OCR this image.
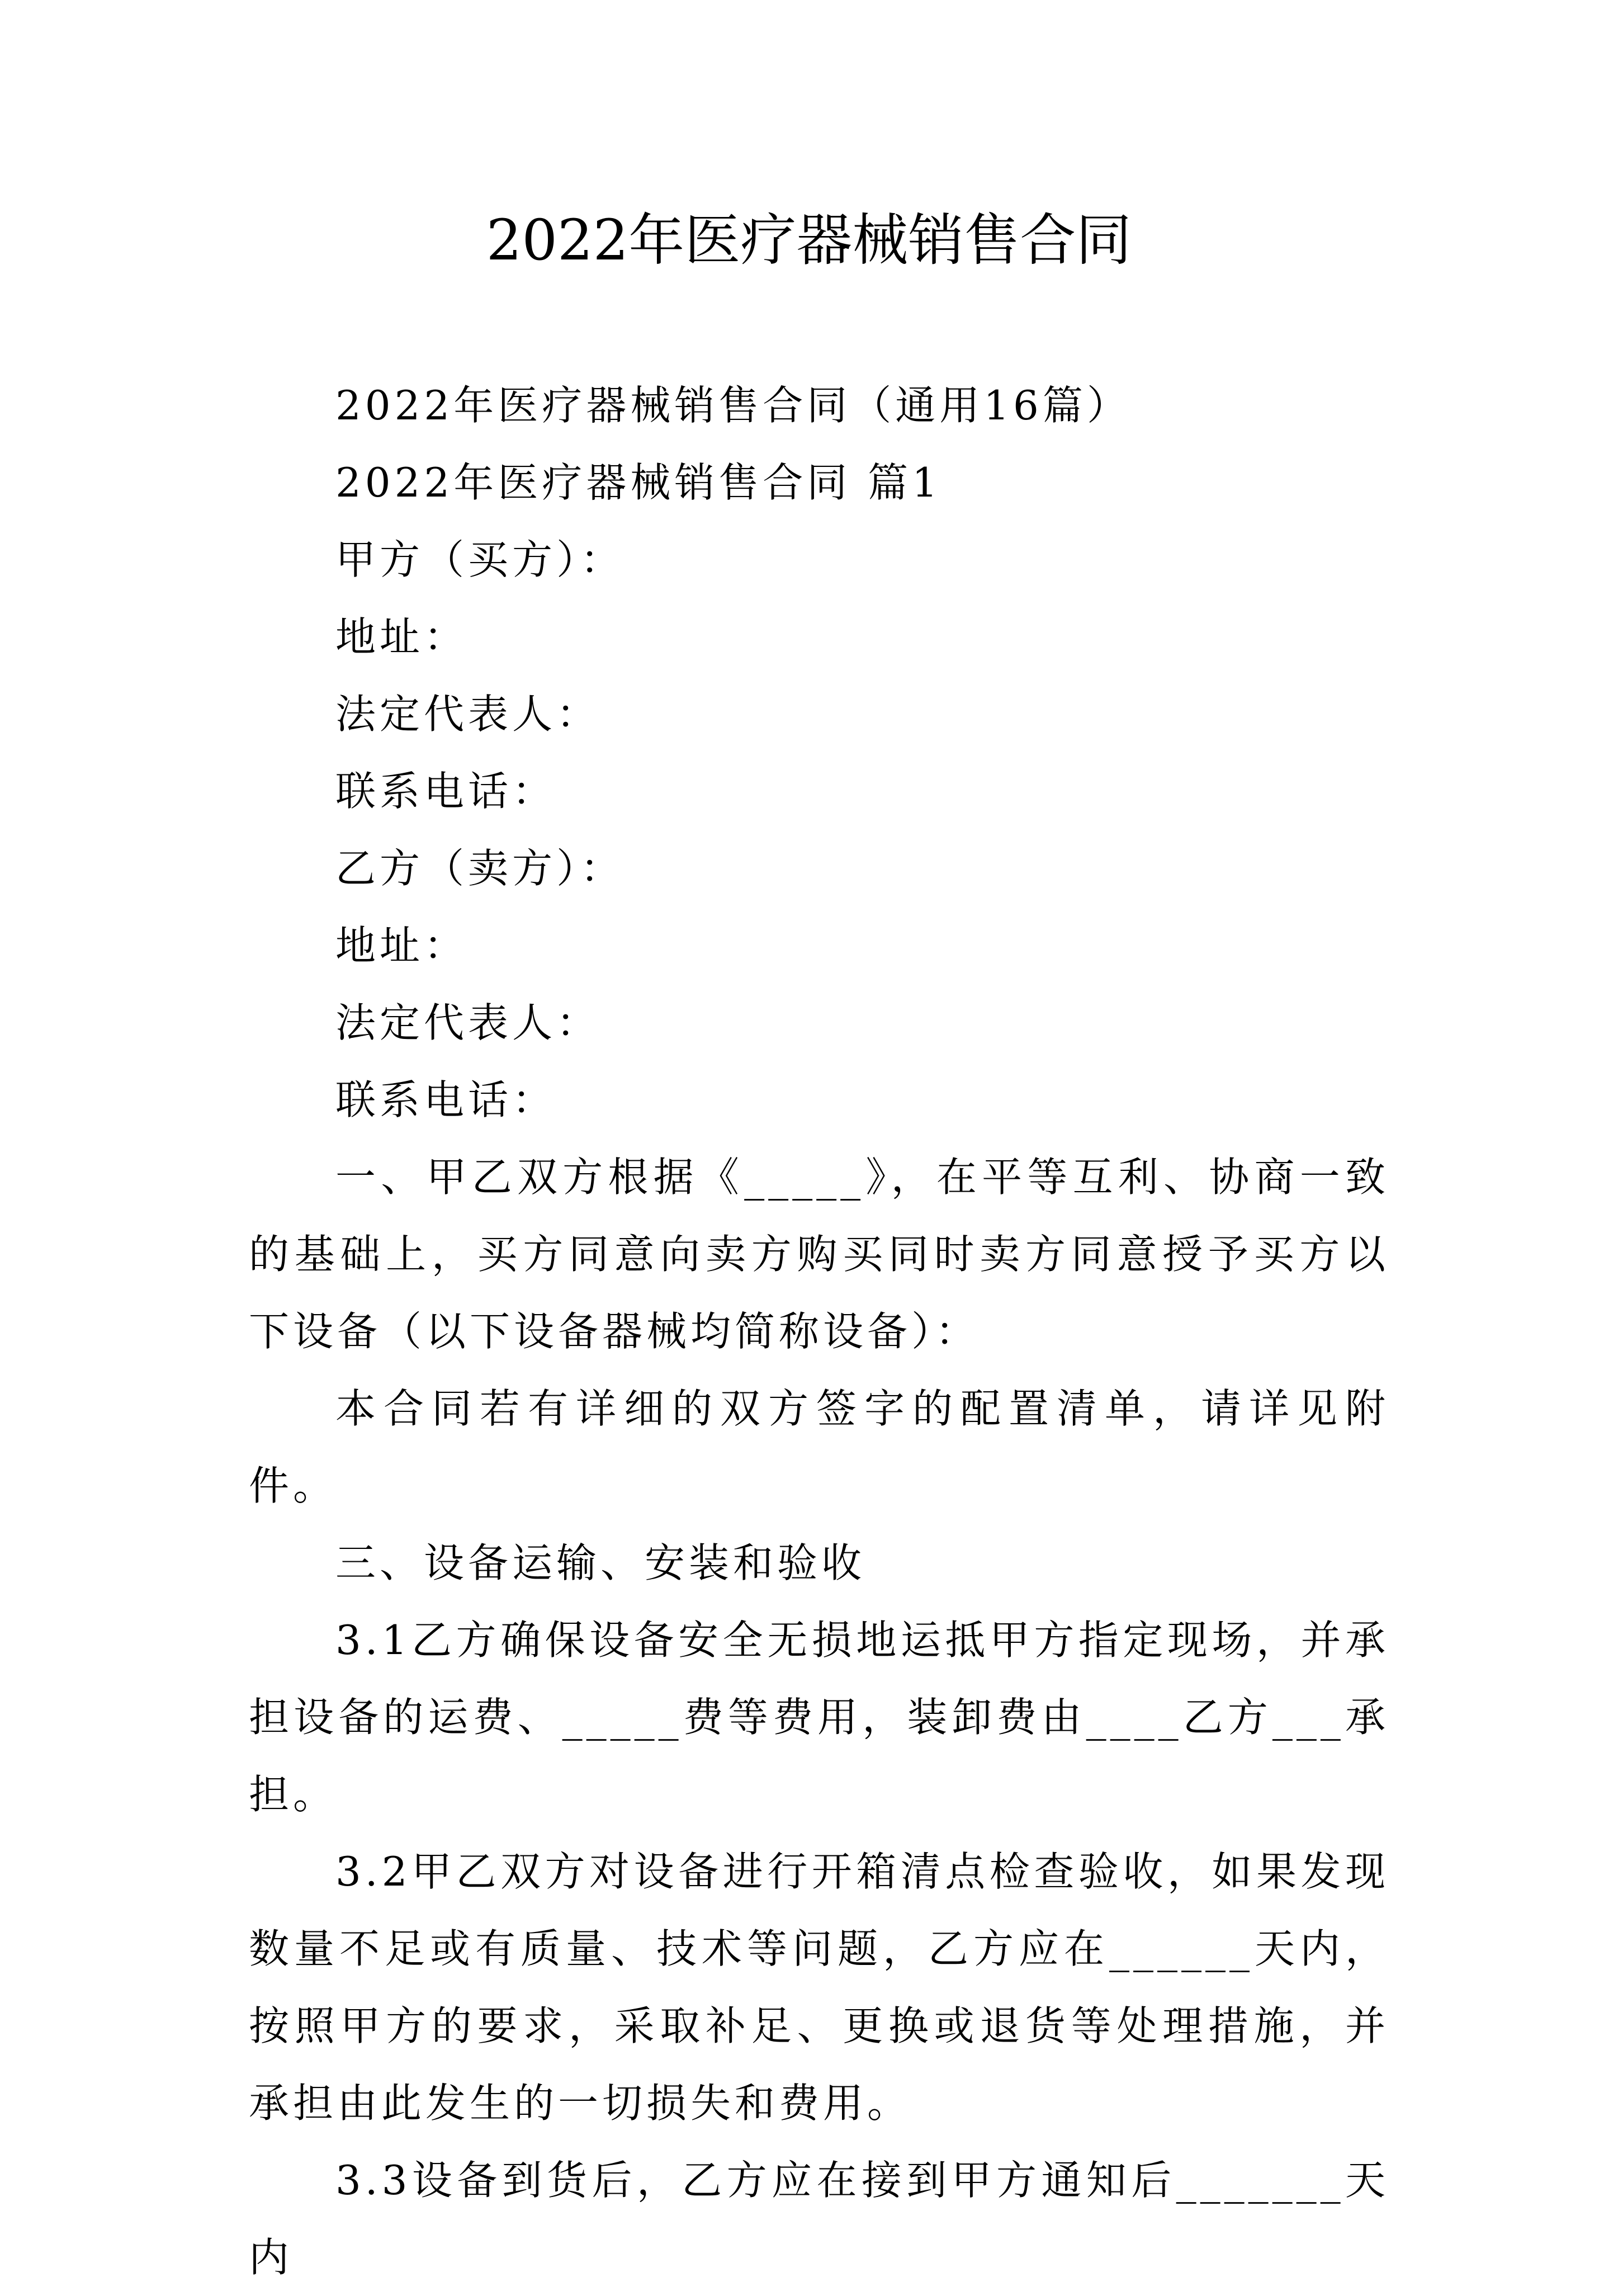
2022年医疗器械销售合同

2022年医疗器械销售合同（通用16篇）

2022年医疗器械销售合同 篇1

甲方（买方）：

地址：

法定代表人：

联系电话：

乙方（卖方）：

地址：

法定代表人：

联系电话：

一、甲乙双方根据《_____》，在平等互利、协商一致的基础上，买方同意向卖方购买同时卖方同意授予买方以下设备（以下设备器械均简称设备）：

本合同若有详细的双方签字的配置清单，请详见附件。

三、设备运输、安装和验收

3.1乙方确保设备安全无损地运抵甲方指定现场，并承担设备的运费、_____费等费用，装卸费由____乙方___承担。

3.2甲乙双方对设备进行开箱清点检查验收，如果发现数量不足或有质量、技术等问题，乙方应在______天内，按照甲方的要求，采取补足、更换或退货等处理措施，并承担由此发生的一切损失和费用。

3.3设备到货后，乙方应在接到甲方通知后_______天内
